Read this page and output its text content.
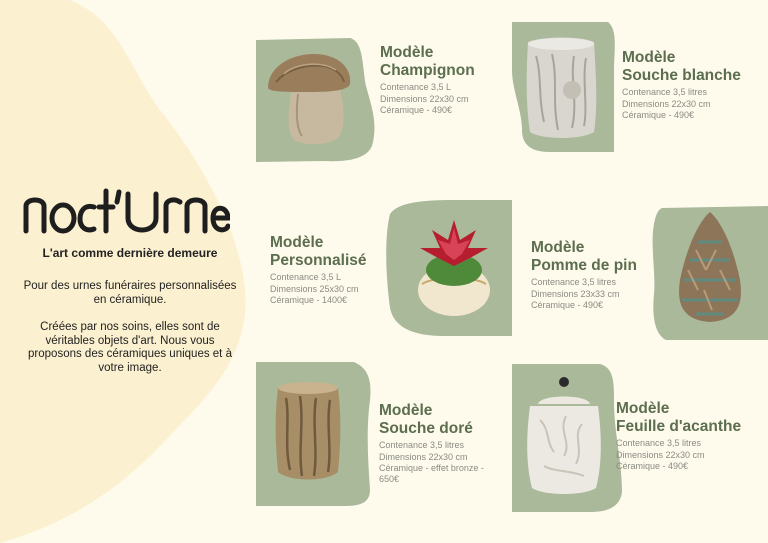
L'art comme dernière demeure

Pour des urnes funéraires personnalisées en céramique.

Créées par nos soins, elles sont de véritables objets d'art. Nous vous proposons des céramiques uniques et à votre image.

Modèle
Champignon
Contenance 3,5 L
Dimensions 22x30 cm
Céramique - 490€
Modèle
Souche blanche
Contenance 3,5 litres
Dimensions 22x30 cm
Céramique - 490€
Modèle
Personnalisé
Contenance 3,5 L
Dimensions 25x30 cm
Céramique - 1400€
Modèle
Pomme de pin
Contenance 3,5 litres
Dimensions 23x33 cm
Céramique - 490€
Modèle
Souche doré
Contenance 3,5 litres
Dimensions 22x30 cm
Céramique - effet bronze - 650€
Modèle
Feuille d'acanthe
Contenance 3,5 litres
Dimensions 22x30 cm
Céramique - 490€
